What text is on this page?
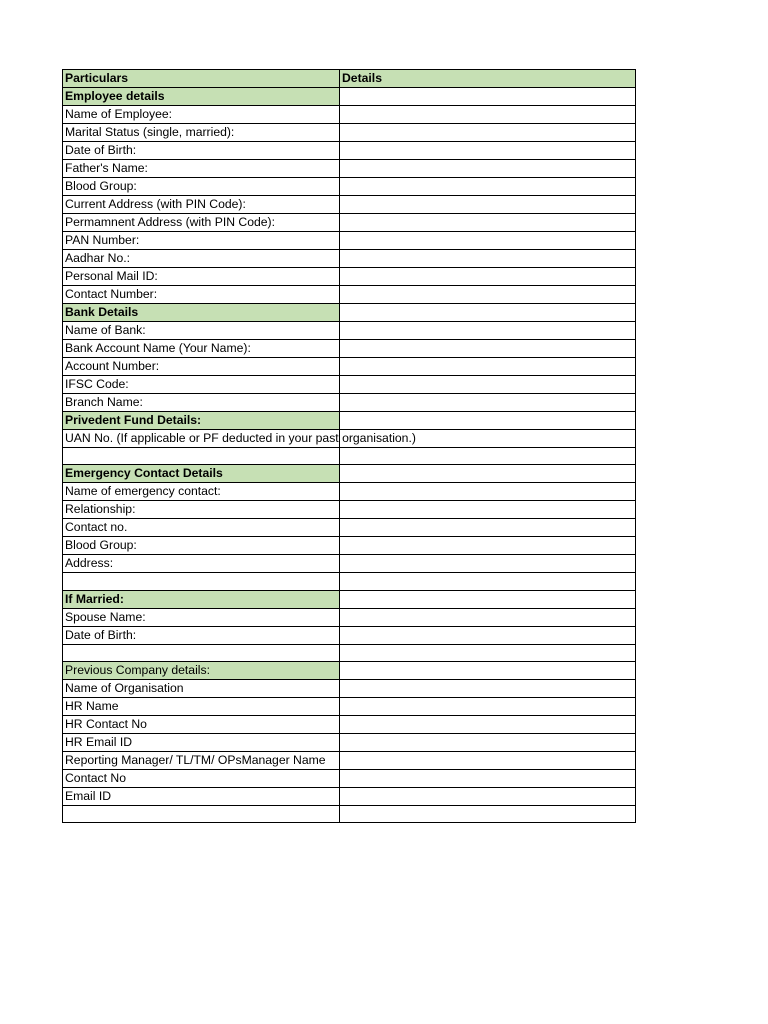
Particulars	Details
Employee details	
Name of Employee:	
Marital Status (single, married):	
Date of Birth:	
Father's Name:	
Blood Group:	
Current Address (with PIN Code):	
Permamnent Address (with PIN Code):	
PAN Number:	
Aadhar No.:	
Personal Mail ID:	
Contact Number:	
Bank Details	
Name of Bank:	
Bank Account Name (Your Name):	
Account Number:	
IFSC Code:	
Branch Name:	
Privedent Fund Details:	
UAN No. (If applicable or PF deducted in your past organisation.)	

Emergency Contact Details	
Name of emergency contact:	
Relationship:	
Contact no.	
Blood Group:	
Address:	

If Married:	
Spouse Name:	
Date of Birth:	

Previous Company details:	
Name of Organisation	
HR Name	
HR Contact No	
HR Email ID	
Reporting Manager/ TL/TM/ OPsManager Name	
Contact No	
Email ID	
